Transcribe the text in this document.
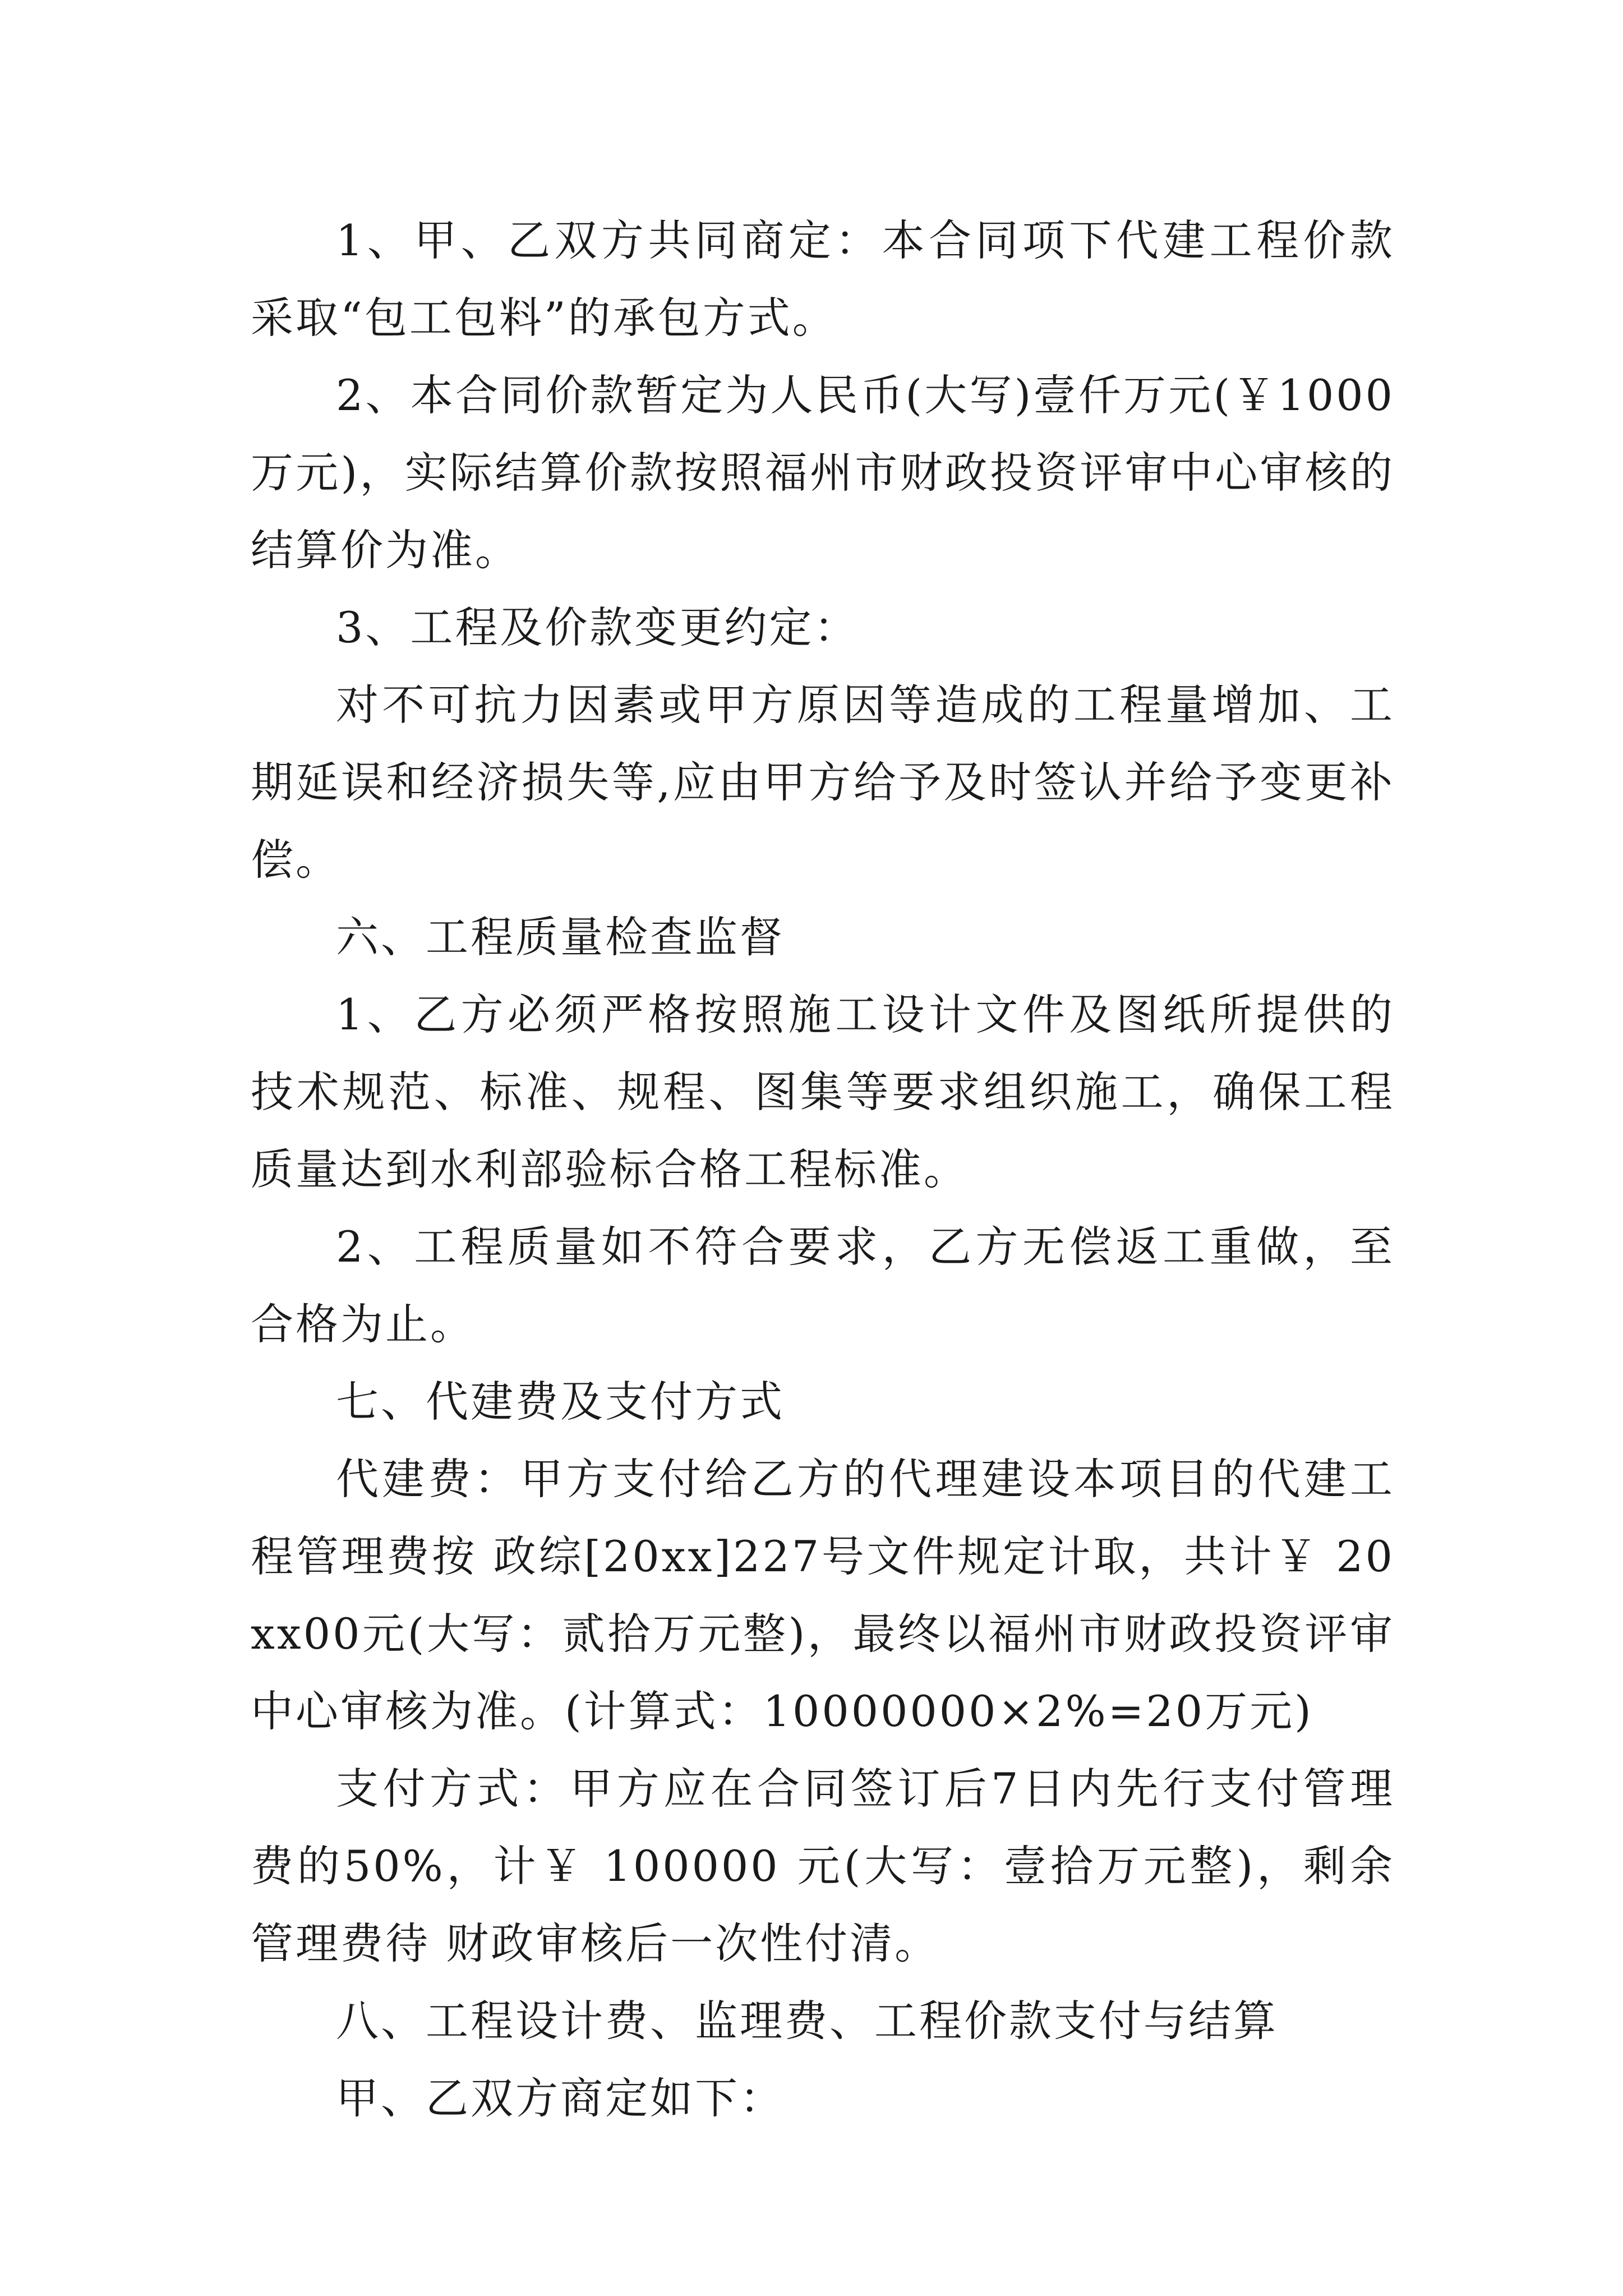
1、甲、乙双方共同商定：本合同项下代建工程价款采取“包工包料”的承包方式。

2、本合同价款暂定为人民币(大写)壹仟万元(￥1000万元)，实际结算价款按照福州市财政投资评审中心审核的结算价为准。

3、工程及价款变更约定：

对不可抗力因素或甲方原因等造成的工程量增加、工期延误和经济损失等,应由甲方给予及时签认并给予变更补偿。

六、工程质量检查监督

1、乙方必须严格按照施工设计文件及图纸所提供的技术规范、标准、规程、图集等要求组织施工，确保工程质量达到水利部验标合格工程标准。

2、工程质量如不符合要求，乙方无偿返工重做，至合格为止。

七、代建费及支付方式

代建费：甲方支付给乙方的代理建设本项目的代建工程管理费按 政综[20xx]227号文件规定计取，共计￥ 20xx00元(大写：贰拾万元整)，最终以福州市财政投资评审中心审核为准。(计算式：10000000×2%=20万元)

支付方式：甲方应在合同签订后7日内先行支付管理费的50%，计￥ 100000 元(大写：壹拾万元整)，剩余管理费待 财政审核后一次性付清。

八、工程设计费、监理费、工程价款支付与结算

甲、乙双方商定如下：
